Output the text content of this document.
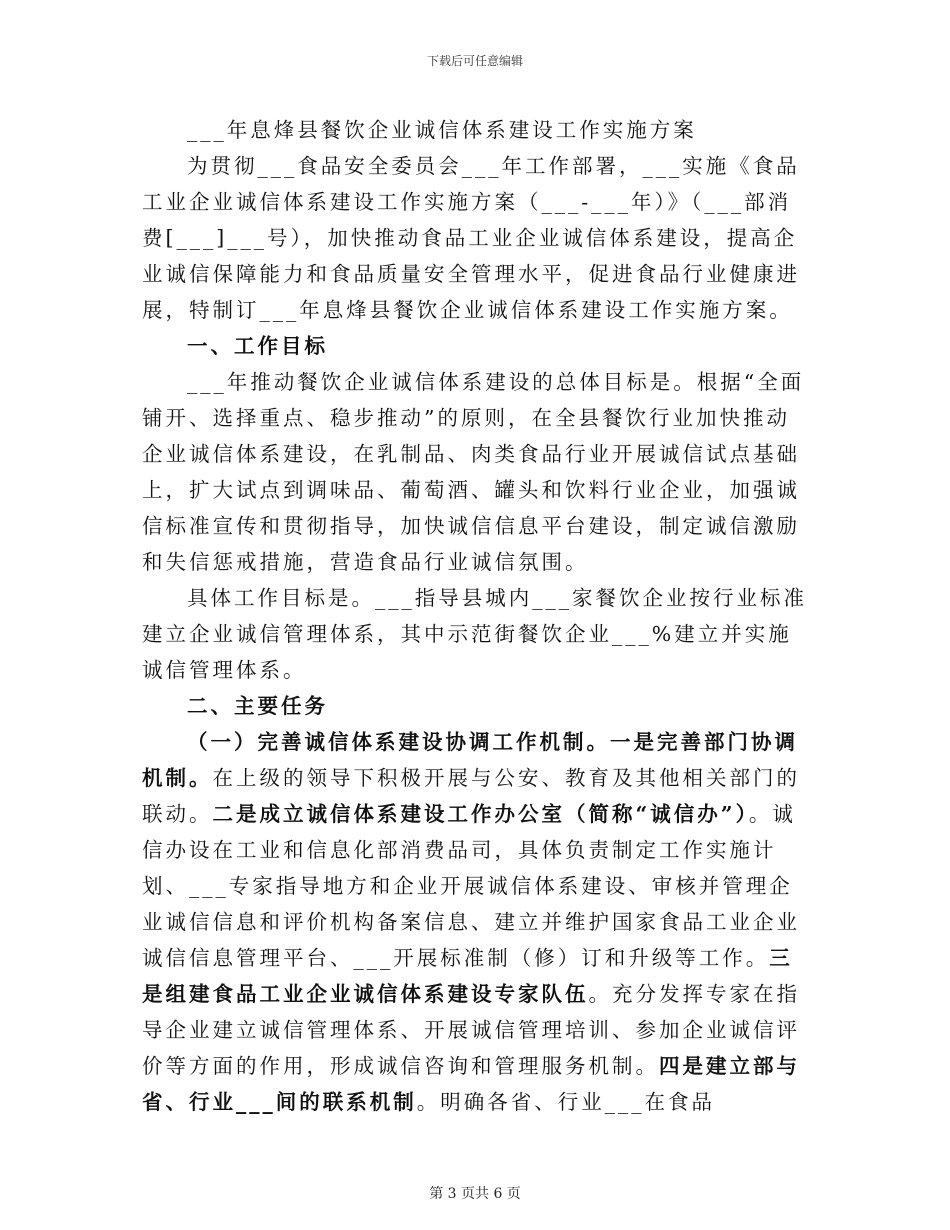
下载后可任意编辑

___年息烽县餐饮企业诚信体系建设工作实施方案

为贯彻___食品安全委员会___年工作部署，___实施《食品工业企业诚信体系建设工作实施方案（___-___年）》（___部消费[___]___号），加快推动食品工业企业诚信体系建设，提高企业诚信保障能力和食品质量安全管理水平，促进食品行业健康进展，特制订___年息烽县餐饮企业诚信体系建设工作实施方案。

一、工作目标

___年推动餐饮企业诚信体系建设的总体目标是。根据“全面铺开、选择重点、稳步推动”的原则，在全县餐饮行业加快推动企业诚信体系建设，在乳制品、肉类食品行业开展诚信试点基础上，扩大试点到调味品、葡萄酒、罐头和饮料行业企业，加强诚信标准宣传和贯彻指导，加快诚信信息平台建设，制定诚信激励和失信惩戒措施，营造食品行业诚信氛围。

具体工作目标是。___指导县城内___家餐饮企业按行业标准建立企业诚信管理体系，其中示范街餐饮企业___%建立并实施诚信管理体系。

二、主要任务

（一）完善诚信体系建设协调工作机制。一是完善部门协调机制。在上级的领导下积极开展与公安、教育及其他相关部门的联动。二是成立诚信体系建设工作办公室（简称“诚信办”）。诚信办设在工业和信息化部消费品司，具体负责制定工作实施计划、___专家指导地方和企业开展诚信体系建设、审核并管理企业诚信信息和评价机构备案信息、建立并维护国家食品工业企业诚信信息管理平台、___开展标准制（修）订和升级等工作。三是组建食品工业企业诚信体系建设专家队伍。充分发挥专家在指导企业建立诚信管理体系、开展诚信管理培训、参加企业诚信评价等方面的作用，形成诚信咨询和管理服务机制。四是建立部与省、行业___间的联系机制。明确各省、行业___在食品

第 3 页共 6 页
